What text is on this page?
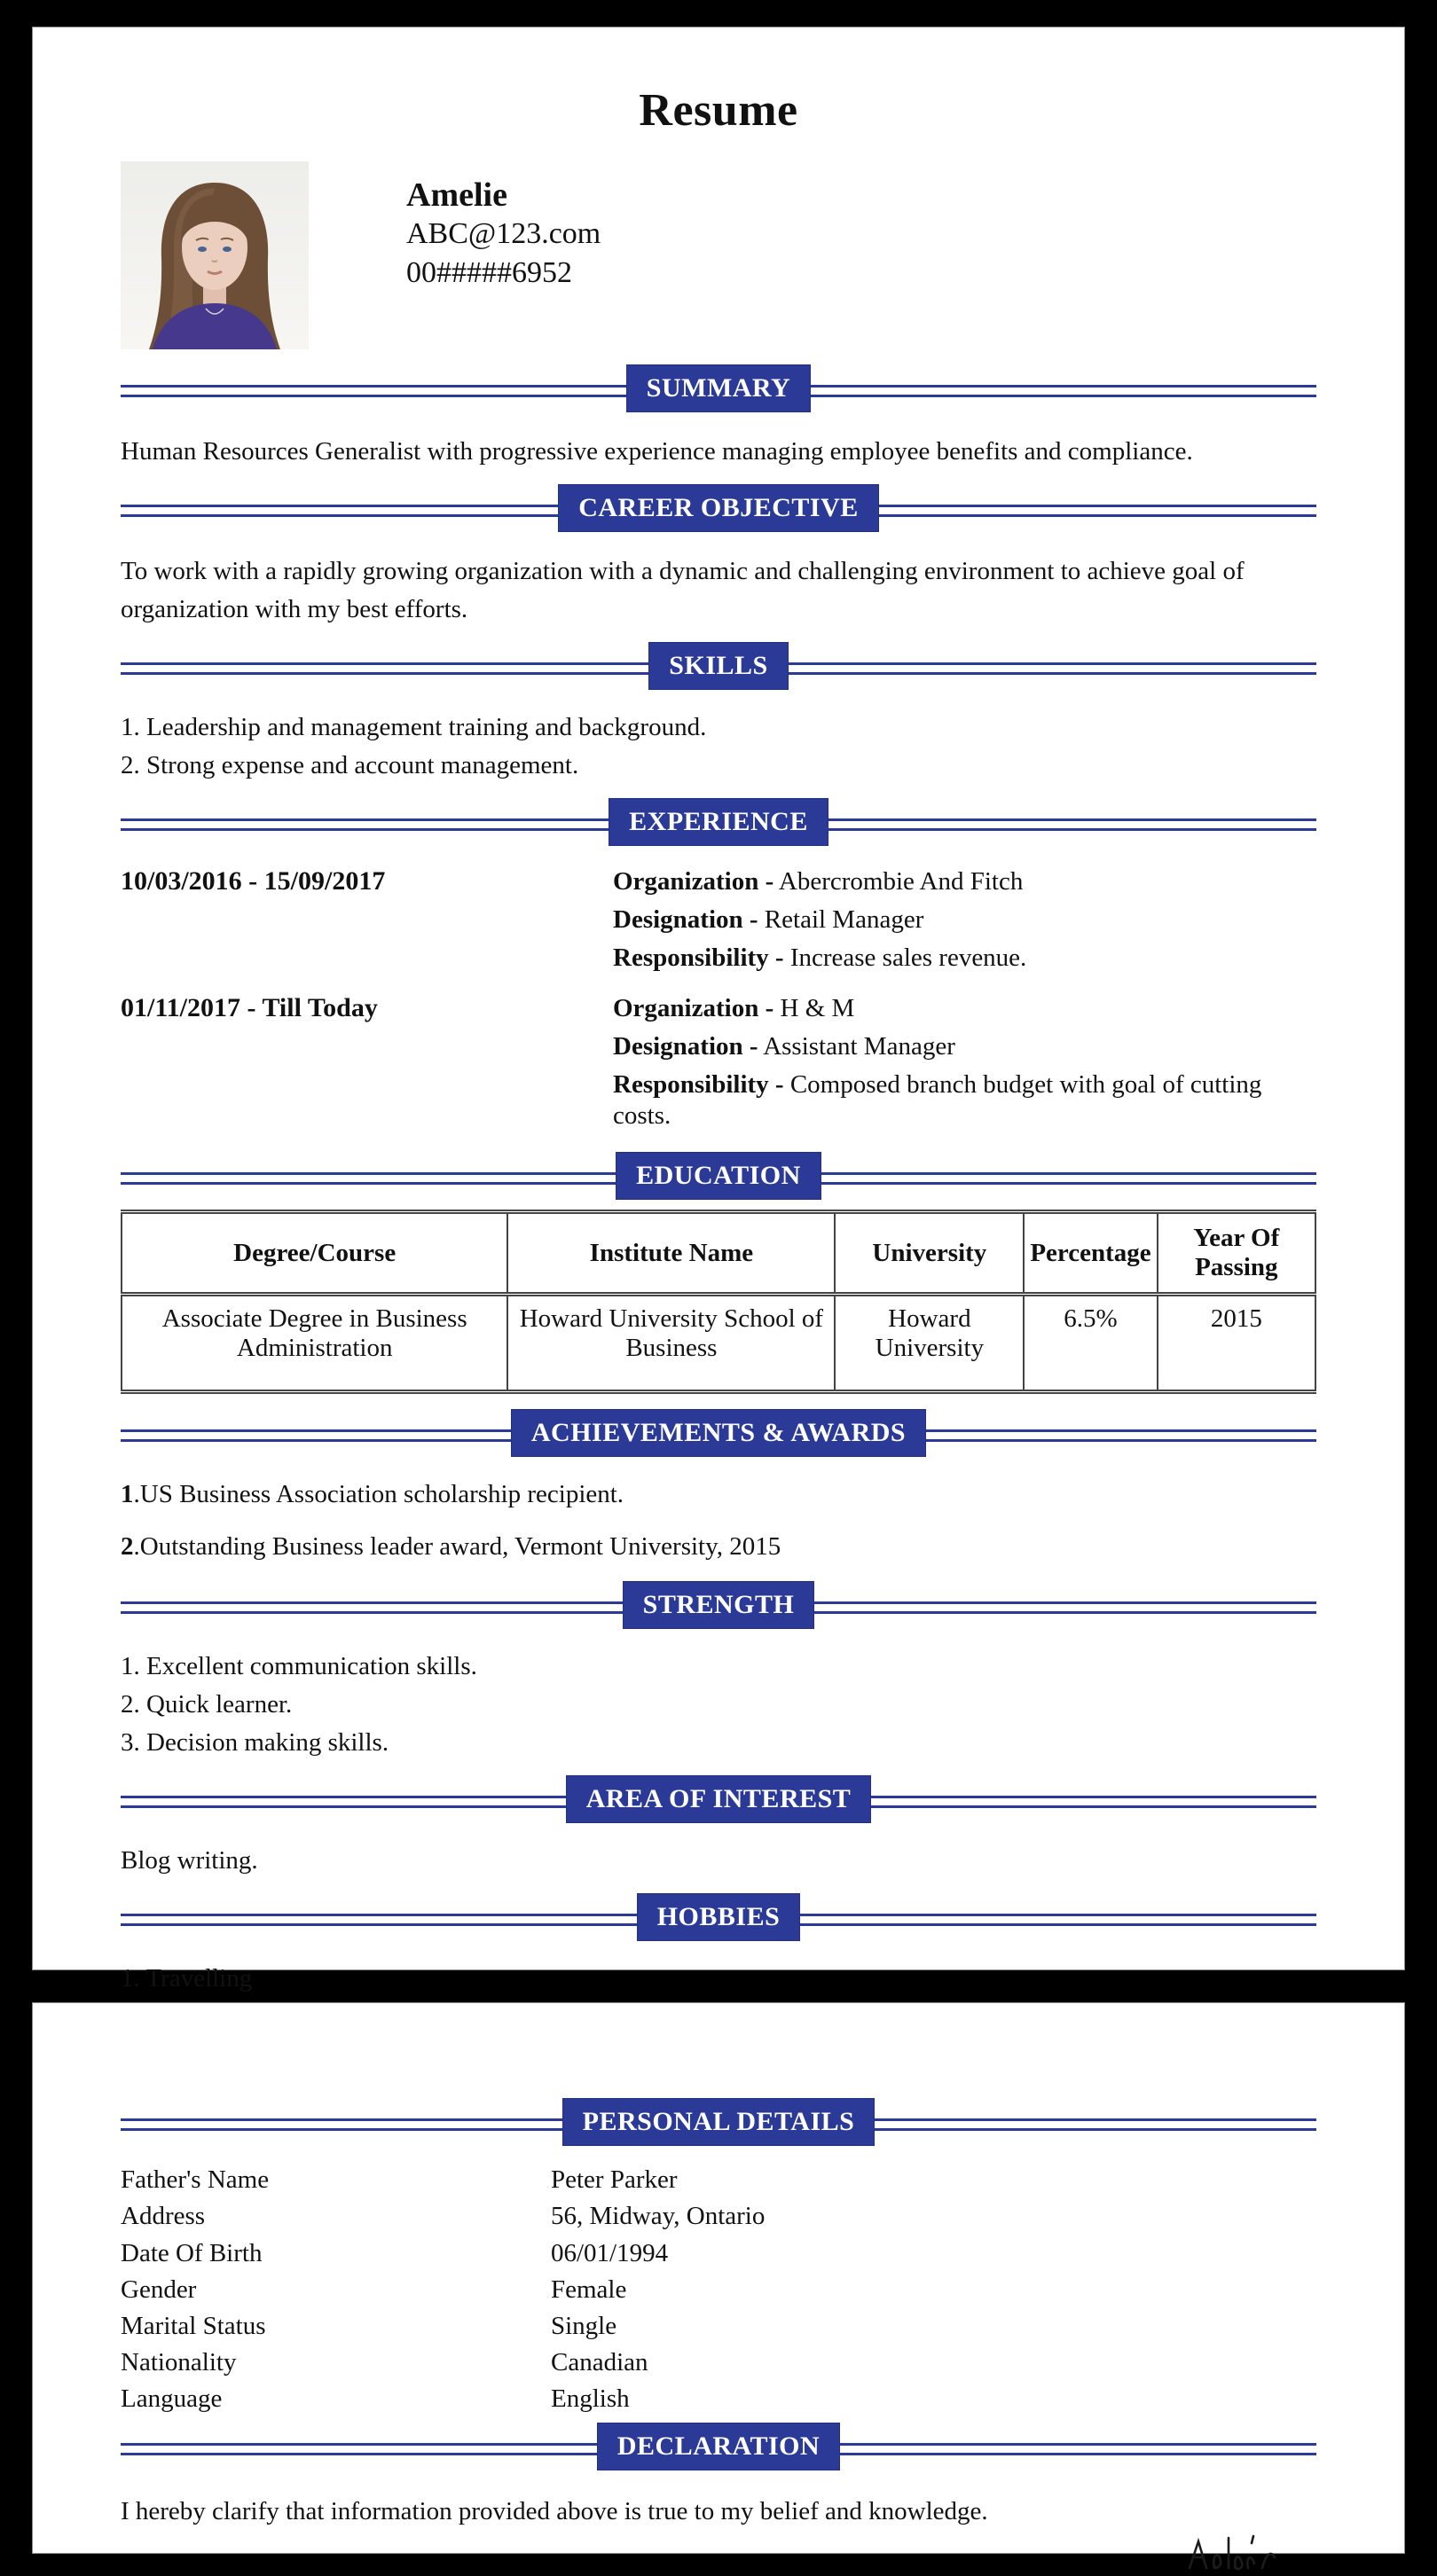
Resume
Amelie
ABC@123.com
00#####6952
SUMMARY

Human Resources Generalist with progressive experience managing employee benefits and compliance.

CAREER OBJECTIVE

To work with a rapidly growing organization with a dynamic and challenging environment to achieve goal of organization with my best efforts.

SKILLS
1. Leadership and management training and background.
2. Strong expense and account management.
EXPERIENCE
10/03/2016 - 15/09/2017	Organization - Abercrombie And Fitch
Designation - Retail Manager
Responsibility - Increase sales revenue.
01/11/2017 - Till Today	Organization - H & M
Designation - Assistant Manager
Responsibility - Composed branch budget with goal of cutting costs.
EDUCATION
Degree/Course	Institute Name	University	Percentage	Year Of Passing
Associate Degree in Business Administration	Howard University School of Business	Howard University	6.5%	2015
ACHIEVEMENTS & AWARDS
1.US Business Association scholarship recipient.
2.Outstanding Business leader award, Vermont University, 2015
STRENGTH
1. Excellent communication skills.
2. Quick learner.
3. Decision making skills.
AREA OF INTEREST

Blog writing.

HOBBIES
1. Travelling
PERSONAL DETAILS
Father's Name	Peter Parker
Address	56, Midway, Ontario
Date Of Birth	06/01/1994
Gender	Female
Marital Status	Single
Nationality	Canadian
Language	English
DECLARATION

I hereby clarify that information provided above is true to my belief and knowledge.
